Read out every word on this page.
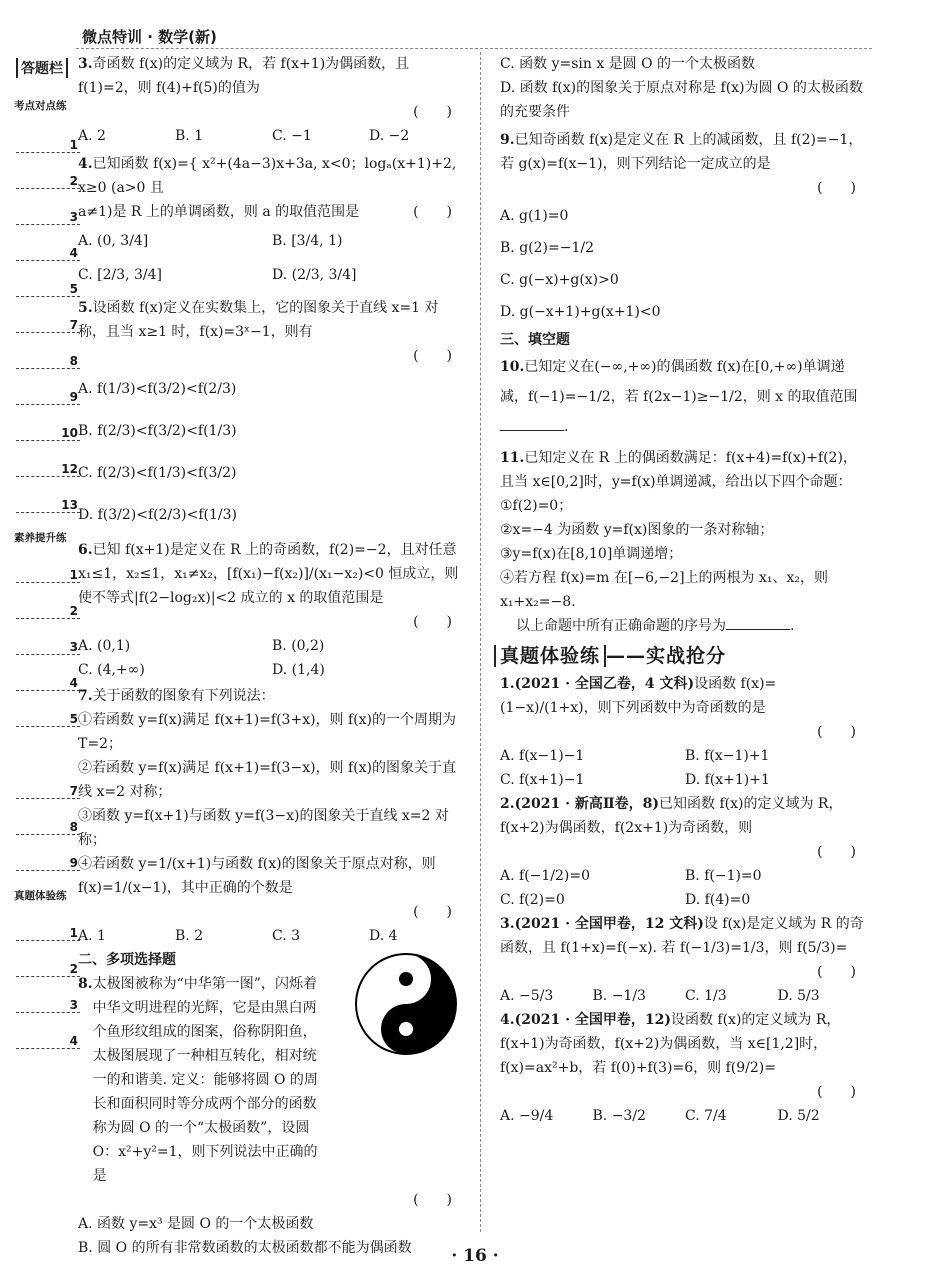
微点特训 · 数学(新)
答题栏
考点对点练
1
2
3
4
5
7
8
9
10
12
13
素养提升练
1
2
3
4
5
7
8
9
真题体验练
1
2
3
4
3.奇函数 f(x)的定义域为 R，若 f(x+1)为偶函数，且 f(1)=2，则 f(4)+f(5)的值为
(　　)
A. 2	B. 1	C. −1	D. −2
4.已知函数 f(x)={ x²+(4a−3)x+3a, x<0；logₐ(x+1)+2, x≥0 (a>0 且
a≠1)是 R 上的单调函数，则 a 的取值范围是	(　　)
A. (0, 3/4]	B. [3/4, 1)
C. [2/3, 3/4]	D. (2/3, 3/4]
5.设函数 f(x)定义在实数集上，它的图象关于直线 x=1 对称，且当 x≥1 时，f(x)=3ˣ−1，则有
(　　)
A. f(1/3)<f(3/2)<f(2/3)
B. f(2/3)<f(3/2)<f(1/3)
C. f(2/3)<f(1/3)<f(3/2)
D. f(3/2)<f(2/3)<f(1/3)
6.已知 f(x+1)是定义在 R 上的奇函数，f(2)=−2，且对任意 x₁≤1，x₂≤1，x₁≠x₂，[f(x₁)−f(x₂)]/(x₁−x₂)<0 恒成立，则使不等式|f(2−log₂x)|<2 成立的 x 的取值范围是
(　　)
A. (0,1)	B. (0,2)
C. (4,+∞)	D. (1,4)
7.关于函数的图象有下列说法：
①若函数 y=f(x)满足 f(x+1)=f(3+x)，则 f(x)的一个周期为 T=2；
②若函数 y=f(x)满足 f(x+1)=f(3−x)，则 f(x)的图象关于直线 x=2 对称；
③函数 y=f(x+1)与函数 y=f(3−x)的图象关于直线 x=2 对称；
④若函数 y=1/(x+1)与函数 f(x)的图象关于原点对称，则 f(x)=1/(x−1)，其中正确的个数是
(　　)
A. 1	B. 2	C. 3	D. 4
二、多项选择题
8.太极图被称为“中华第一图”，闪烁着中华文明进程的光辉，它是由黑白两个鱼形纹组成的图案，俗称阴阳鱼，太极图展现了一种相互转化，相对统一的和谐美. 定义：能够将圆 O 的周长和面积同时等分成两个部分的函数称为圆 O 的一个“太极函数”，设圆 O：x²+y²=1，则下列说法中正确的是
(　　)
A. 函数 y=x³ 是圆 O 的一个太极函数
B. 圆 O 的所有非常数函数的太极函数都不能为偶函数
C. 函数 y=sin x 是圆 O 的一个太极函数
D. 函数 f(x)的图象关于原点对称是 f(x)为圆 O 的太极函数的充要条件
9.已知奇函数 f(x)是定义在 R 上的减函数，且 f(2)=−1，若 g(x)=f(x−1)，则下列结论一定成立的是
(　　)
A. g(1)=0
B. g(2)=−1/2
C. g(−x)+g(x)>0
D. g(−x+1)+g(x+1)<0
三、填空题
10.已知定义在(−∞,+∞)的偶函数 f(x)在[0,+∞)单调递减，f(−1)=−1/2，若 f(2x−1)≥−1/2，则 x 的取值范围.
11.已知定义在 R 上的偶函数满足：f(x+4)=f(x)+f(2)，且当 x∈[0,2]时，y=f(x)单调递减，给出以下四个命题：
①f(2)=0；
②x=−4 为函数 y=f(x)图象的一条对称轴；
③y=f(x)在[8,10]单调递增；
④若方程 f(x)=m 在[−6,−2]上的两根为 x₁、x₂，则 x₁+x₂=−8.
以上命题中所有正确命题的序号为	.
真题体验练 ——实战抢分
1.(2021 · 全国乙卷，4 文科)设函数 f(x)=(1−x)/(1+x)，则下列函数中为奇函数的是
(　　)
A. f(x−1)−1	B. f(x−1)+1
C. f(x+1)−1	D. f(x+1)+1
2.(2021 · 新高Ⅱ卷，8)已知函数 f(x)的定义域为 R，f(x+2)为偶函数，f(2x+1)为奇函数，则
(　　)
A. f(−1/2)=0	B. f(−1)=0
C. f(2)=0	D. f(4)=0
3.(2021 · 全国甲卷，12 文科)设 f(x)是定义域为 R 的奇函数，且 f(1+x)=f(−x). 若 f(−1/3)=1/3，则 f(5/3)=
(　　)
A. −5/3	B. −1/3	C. 1/3	D. 5/3
4.(2021 · 全国甲卷，12)设函数 f(x)的定义域为 R，f(x+1)为奇函数，f(x+2)为偶函数，当 x∈[1,2]时，f(x)=ax²+b，若 f(0)+f(3)=6，则 f(9/2)=
(　　)
A. −9/4	B. −3/2	C. 7/4	D. 5/2
· 16 ·
